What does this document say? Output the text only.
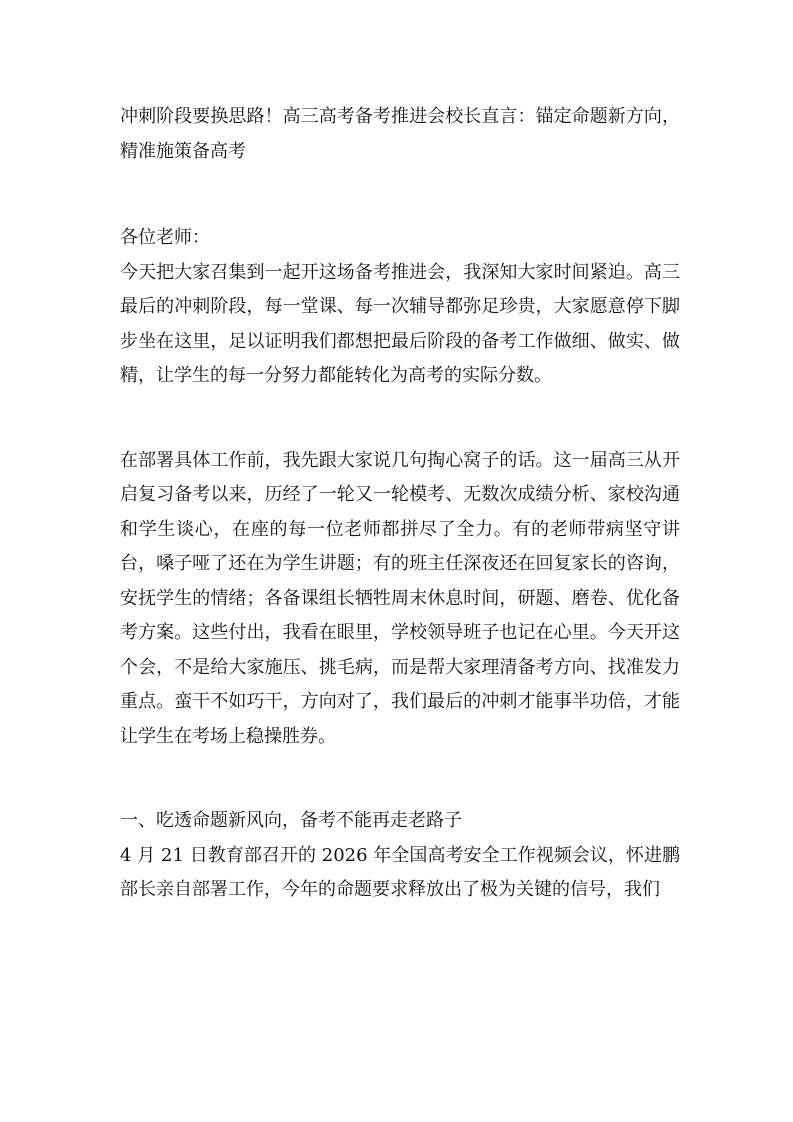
冲刺阶段要换思路！高三高考备考推进会校长直言：锚定命题新方向，精准施策备高考

各位老师：

今天把大家召集到一起开这场备考推进会，我深知大家时间紧迫。高三最后的冲刺阶段，每一堂课、每一次辅导都弥足珍贵，大家愿意停下脚步坐在这里，足以证明我们都想把最后阶段的备考工作做细、做实、做精，让学生的每一分努力都能转化为高考的实际分数。

在部署具体工作前，我先跟大家说几句掏心窝子的话。这一届高三从开启复习备考以来，历经了一轮又一轮模考、无数次成绩分析、家校沟通和学生谈心，在座的每一位老师都拼尽了全力。有的老师带病坚守讲台，嗓子哑了还在为学生讲题；有的班主任深夜还在回复家长的咨询，安抚学生的情绪；各备课组长牺牲周末休息时间，研题、磨卷、优化备考方案。这些付出，我看在眼里，学校领导班子也记在心里。今天开这个会，不是给大家施压、挑毛病，而是帮大家理清备考方向、找准发力重点。蛮干不如巧干，方向对了，我们最后的冲刺才能事半功倍，才能让学生在考场上稳操胜券。

一、吃透命题新风向，备考不能再走老路子

4 月 21 日教育部召开的 2026 年全国高考安全工作视频会议，怀进鹏部长亲自部署工作，今年的命题要求释放出了极为关键的信号，我们
